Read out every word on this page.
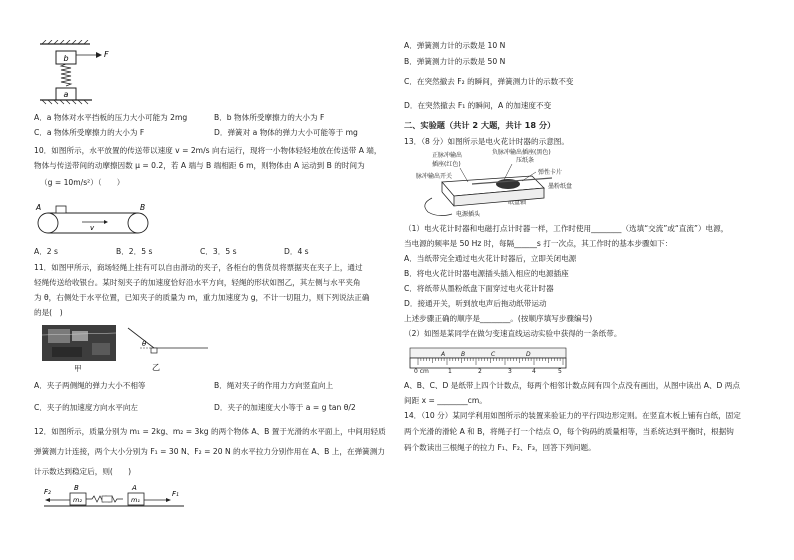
b	F
a
A．a 物体对水平挡板的压力大小可能为 2mg	B．b 物体所受摩擦力的大小为 F
C．a 物体所受摩擦力的大小为 F	D．弹簧对 a 物体的弹力大小可能等于 mg
10．如图所示，水平放置的传送带以速度 v = 2m/s 向右运行，现将一小物体轻轻地放在传送带 A 端，
物体与传送带间的动摩擦因数 μ = 0.2，若 A 端与 B 端相距 6 m，则物体由 A 运动到 B 的时间为
（g = 10m/s²）（　　）
A	B
v
A．2 s	B．2．5 s	C．3．5 s	D．4 s
11．如图甲所示，商场轻绳上挂有可以自由滑动的夹子，各柜台的售货员将票据夹在夹子上，通过
轻绳传送给收银台。某时刻夹子的加速度恰好沿水平方向，轻绳的形状如图乙，其左侧与水平夹角
为 θ，右侧处于水平位置，已知夹子的质量为 m，重力加速度为 g，不计一切阻力，则下列说法正确
的是(　)
甲
θ
乙
A．夹子两侧绳的弹力大小不相等	B．绳对夹子的作用力方向竖直向上
C．夹子的加速度方向水平向左	D．夹子的加速度大小等于 a = g tan θ/2
12．如图所示，质量分别为 m₁ = 2kg、m₂ = 3kg 的两个物体 A、B 置于光滑的水平面上，中间用轻质
弹簧测力计连接，两个大小分别为 F₁ = 30 N、F₂ = 20 N 的水平拉力分别作用在 A、B 上，在弹簧测力
计示数达到稳定后，则(　　)
F₂	B
m₂
A
m₁
F₁
A．弹簧测力计的示数是 10 N
B．弹簧测力计的示数是 50 N
C．在突然撤去 F₂ 的瞬间，弹簧测力计的示数不变
D．在突然撤去 F₁ 的瞬间，A 的加速度不变
二、实验题（共计 2 大题，共计 18 分）
13．（8 分）如图所示是电火花计时器的示意图。
正脉冲输出
插座(红色)
负脉冲输出插座(黑色)
压纸条
脉冲输出开关
弹性卡片
墨粉纸盘
纸盘轴
电源插头
（1）电火花计时器和电磁打点计时器一样，工作时使用________（选填“交流”或“直流”）电源，
当电源的频率是 50 Hz 时，每隔______s 打一次点，其工作时的基本步骤如下：
A．当纸带完全通过电火花计时器后，立即关闭电源
B．将电火花计时器电源插头插入相应的电源插座
C．将纸带从墨粉纸盘下面穿过电火花计时器
D．接通开关，听到放电声后拖动纸带运动
上述步骤正确的顺序是________。(按顺序填写步骤编号)
（2）如图是某同学在做匀变速直线运动实验中获得的一条纸带。
A	B	C	D
0 cm	1	2	3	4	5
A、B、C、D 是纸带上四个计数点，每两个相邻计数点间有四个点没有画出，从图中读出 A、D 两点
间距 x = ________cm。
14．（10 分）某同学利用如图所示的装置来验证力的平行四边形定则。在竖直木板上铺有白纸，固定
两个光滑的滑轮 A 和 B，将绳子打一个结点 O，每个钩码的质量相等，当系统达到平衡时，根据钩
码个数读出三根绳子的拉力 F₁、F₂、F₃，回答下列问题。
